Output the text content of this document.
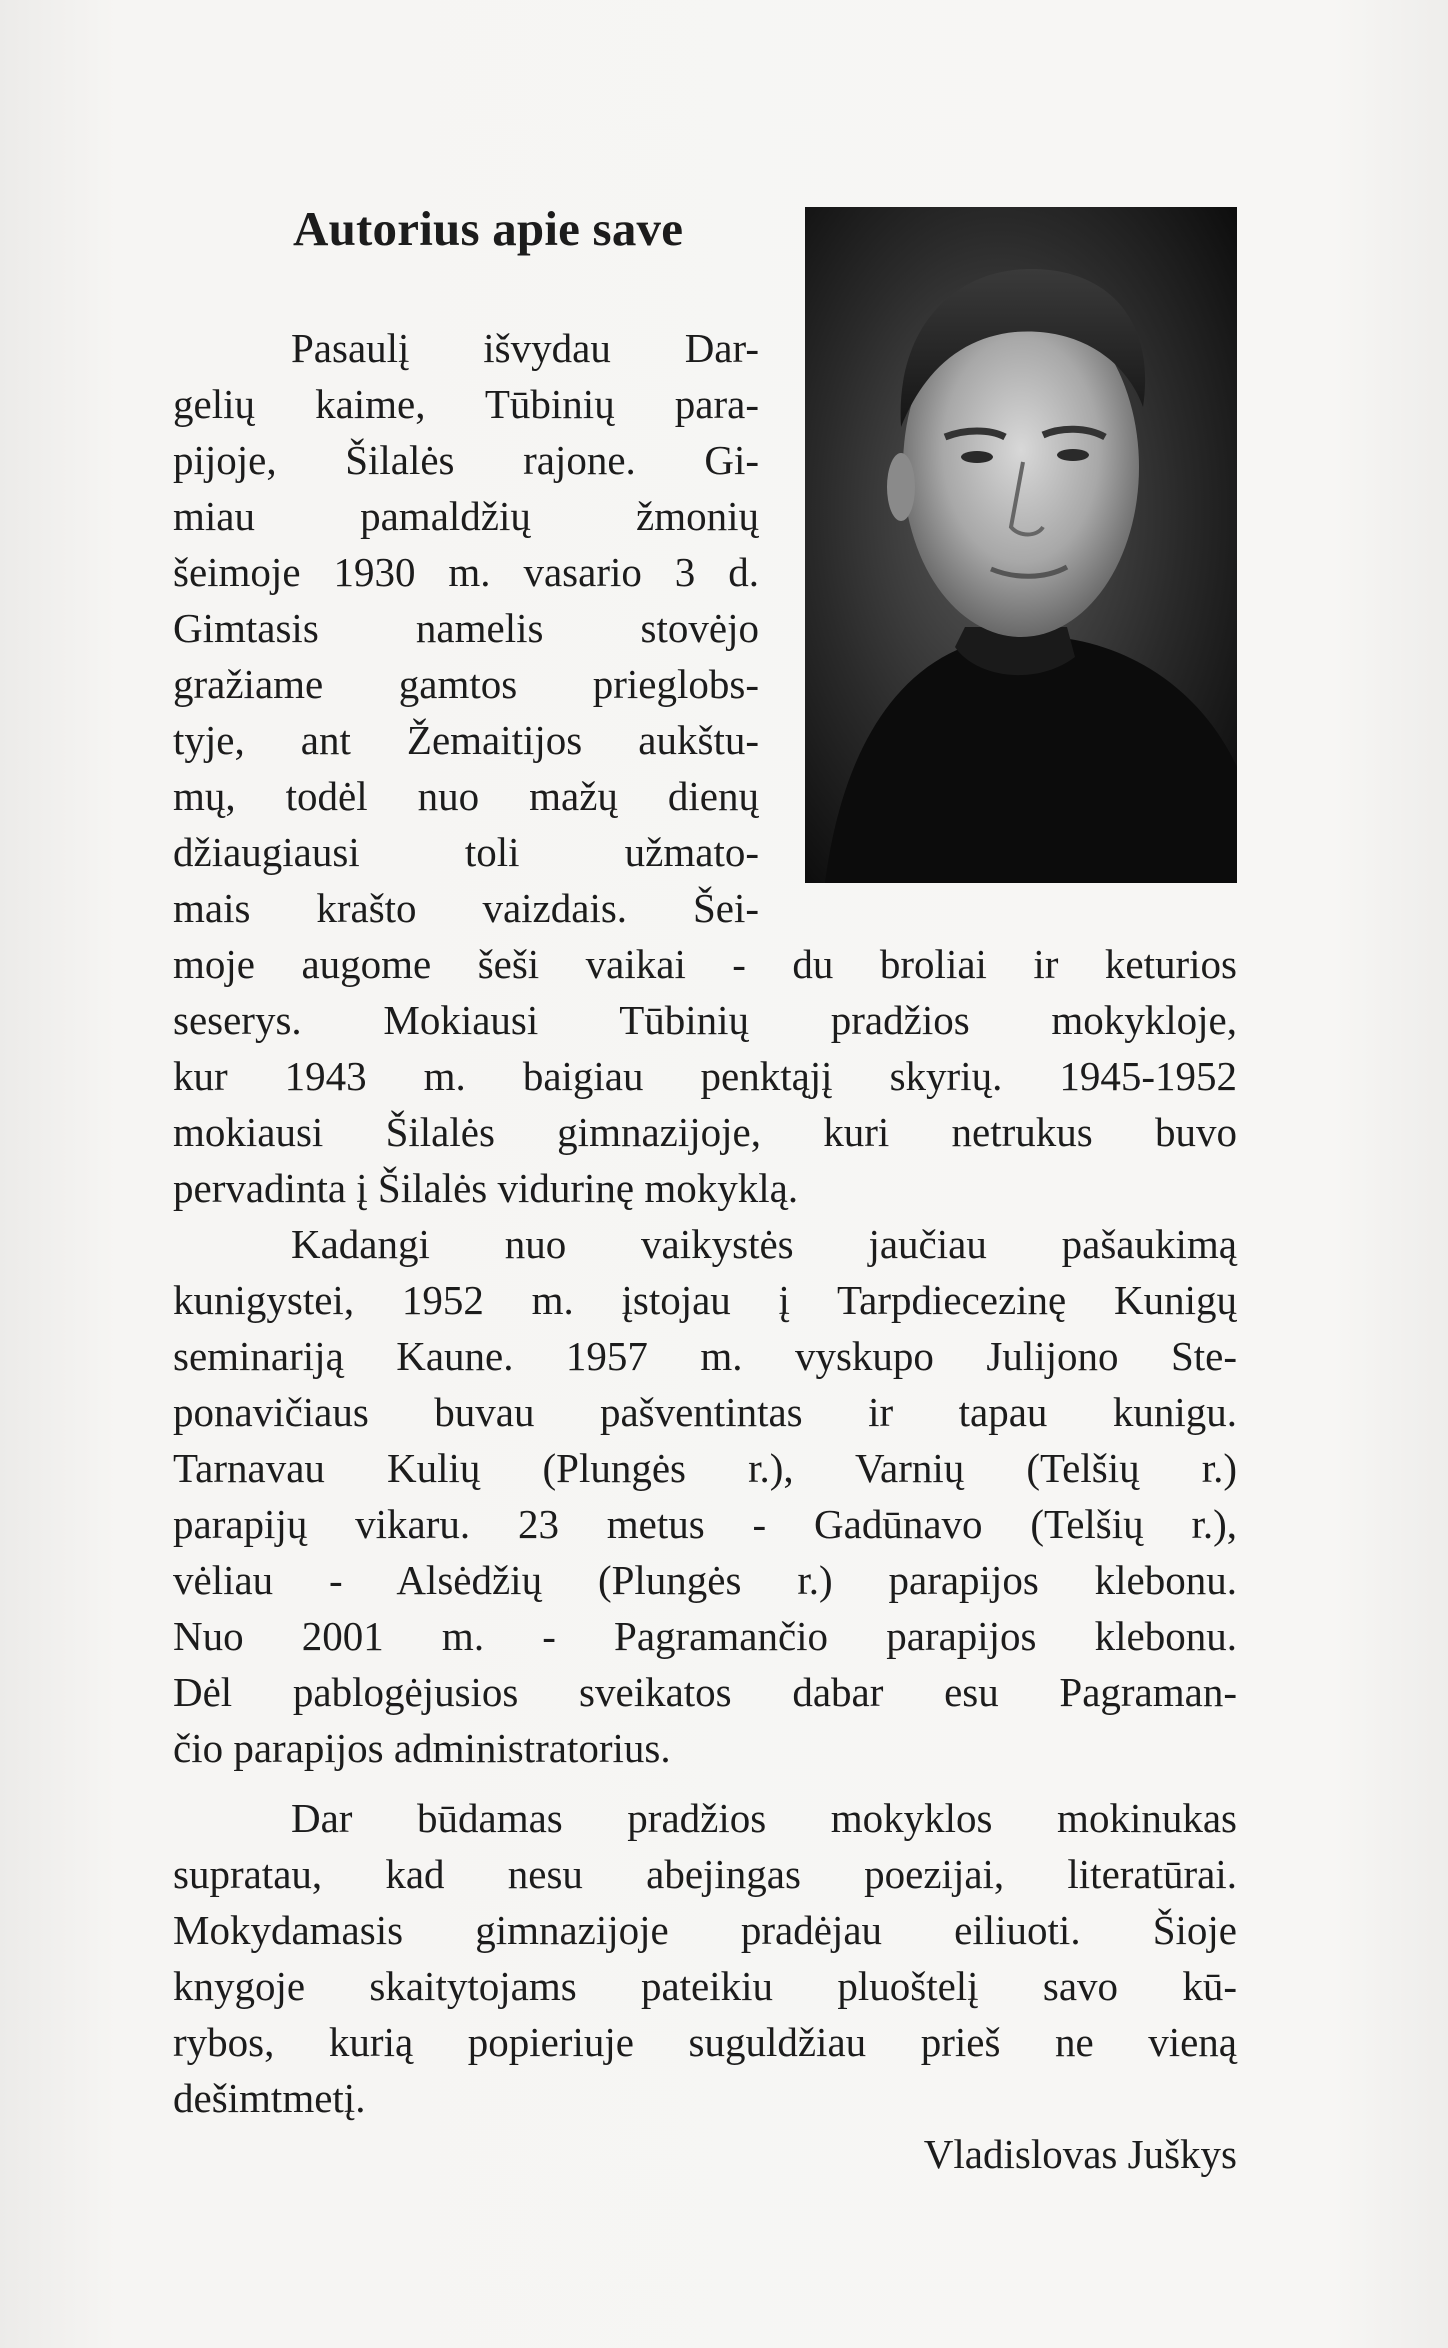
Autorius apie save
Pasaulį išvydau Dar-
gelių kaime, Tūbinių para-
pijoje, Šilalės rajone. Gi-
miau pamaldžių žmonių
šeimoje 1930 m. vasario 3 d.
Gimtasis namelis stovėjo
gražiame gamtos prieglobs-
tyje, ant Žemaitijos aukštu-
mų, todėl nuo mažų dienų
džiaugiausi toli užmato-
mais krašto vaizdais. Šei-
moje augome šeši vaikai - du broliai ir keturios
seserys. Mokiausi Tūbinių pradžios mokykloje,
kur 1943 m. baigiau penktąjį skyrių. 1945-1952
mokiausi Šilalės gimnazijoje, kuri netrukus buvo
pervadinta į Šilalės vidurinę mokyklą.
Kadangi nuo vaikystės jaučiau pašaukimą
kunigystei, 1952 m. įstojau į Tarpdiecezinę Kunigų
seminariją Kaune. 1957 m. vyskupo Julijono Ste-
ponavičiaus buvau pašventintas ir tapau kunigu.
Tarnavau Kulių (Plungės r.), Varnių (Telšių r.)
parapijų vikaru. 23 metus - Gadūnavo (Telšių r.),
vėliau - Alsėdžių (Plungės r.) parapijos klebonu.
Nuo 2001 m. - Pagramančio parapijos klebonu.
Dėl pablogėjusios sveikatos dabar esu Pagraman-
čio parapijos administratorius.
Dar būdamas pradžios mokyklos mokinukas
supratau, kad nesu abejingas poezijai, literatūrai.
Mokydamasis gimnazijoje pradėjau eiliuoti. Šioje
knygoje skaitytojams pateikiu pluoštelį savo kū-
rybos, kurią popieriuje suguldžiau prieš ne vieną
dešimtmetį.
Vladislovas Juškys
